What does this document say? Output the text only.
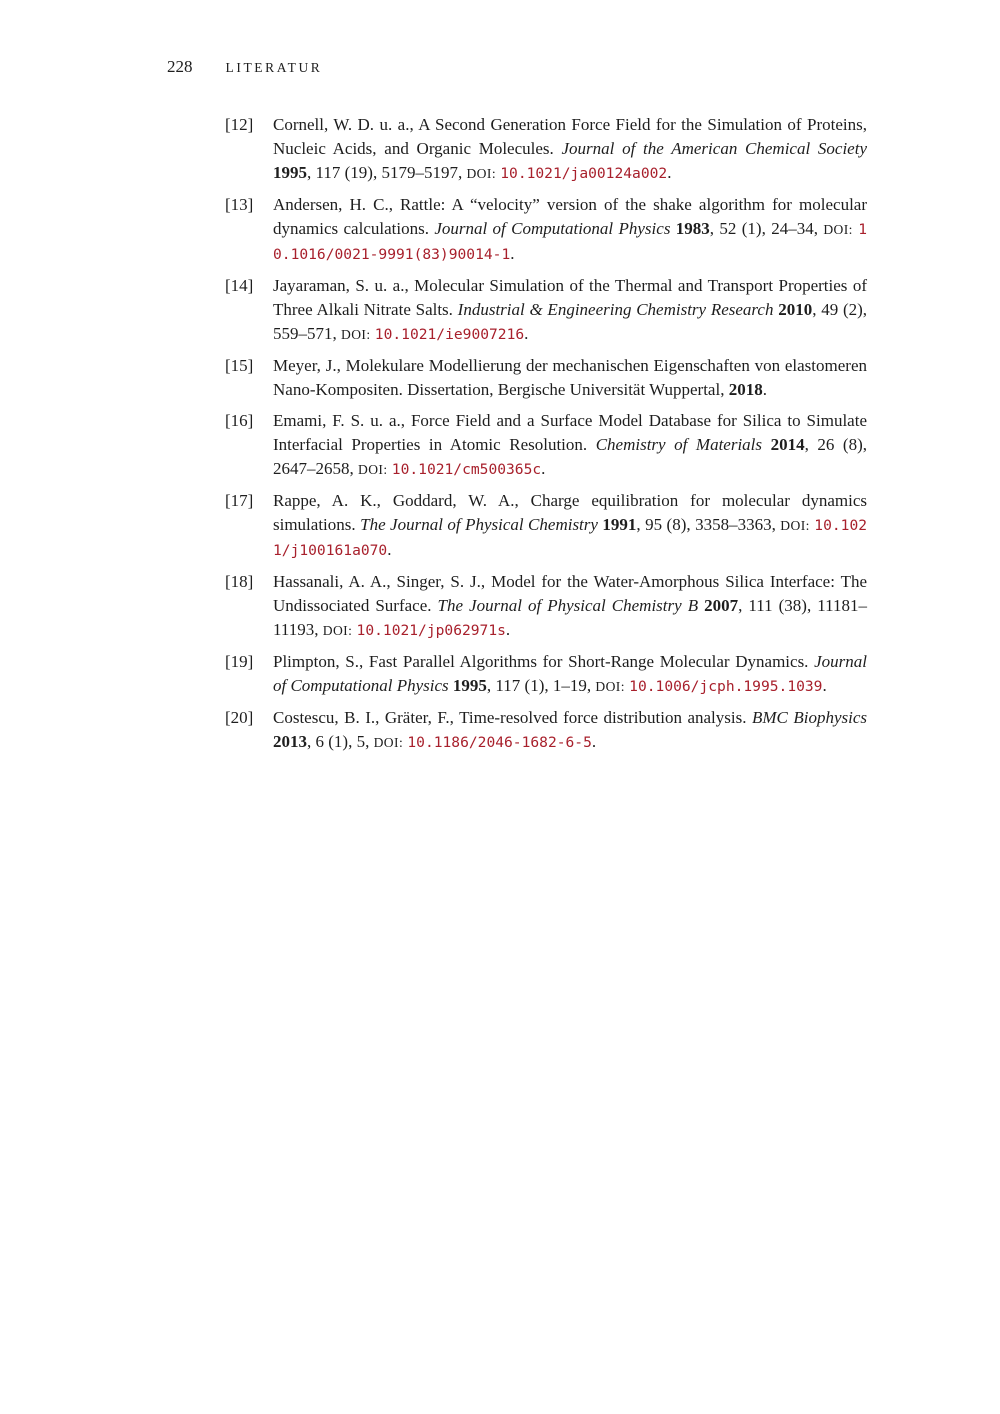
228 LITERATUR
[12]	Cornell, W. D. u. a., A Second Generation Force Field for the Simulation of Proteins, Nucleic Acids, and Organic Molecules. Journal of the American Chemical Society 1995, 117 (19), 5179–5197, DOI: 10.1021/ja00124a002.

[13]	Andersen, H. C., Rattle: A “velocity” version of the shake algorithm for molecular dynamics calculations. Journal of Computational Physics 1983, 52 (1), 24–34, DOI: 10.1016/0021-9991(83)90014-1.

[14]	Jayaraman, S. u. a., Molecular Simulation of the Thermal and Transport Properties of Three Alkali Nitrate Salts. Industrial & Engineering Chemistry Research 2010, 49 (2), 559–571, DOI: 10.1021/ie9007216.

[15]	Meyer, J., Molekulare Modellierung der mechanischen Eigenschaften von elastomeren Nano-Kompositen. Dissertation, Bergische Universität Wuppertal, 2018.

[16]	Emami, F. S. u. a., Force Field and a Surface Model Database for Silica to Simulate Interfacial Properties in Atomic Resolution. Chemistry of Materials 2014, 26 (8), 2647–2658, DOI: 10.1021/cm500365c.

[17]	Rappe, A. K., Goddard, W. A., Charge equilibration for molecular dynamics simulations. The Journal of Physical Chemistry 1991, 95 (8), 3358–3363, DOI: 10.1021/j100161a070.

[18]	Hassanali, A. A., Singer, S. J., Model for the Water-Amorphous Silica Interface: The Undissociated Surface. The Journal of Physical Chemistry B 2007, 111 (38), 11181–11193, DOI: 10.1021/jp062971s.

[19]	Plimpton, S., Fast Parallel Algorithms for Short-Range Molecular Dynamics. Journal of Computational Physics 1995, 117 (1), 1–19, DOI: 10.1006/jcph.1995.1039.

[20]	Costescu, B. I., Gräter, F., Time-resolved force distribution analysis. BMC Biophysics 2013, 6 (1), 5, DOI: 10.1186/2046-1682-6-5.
